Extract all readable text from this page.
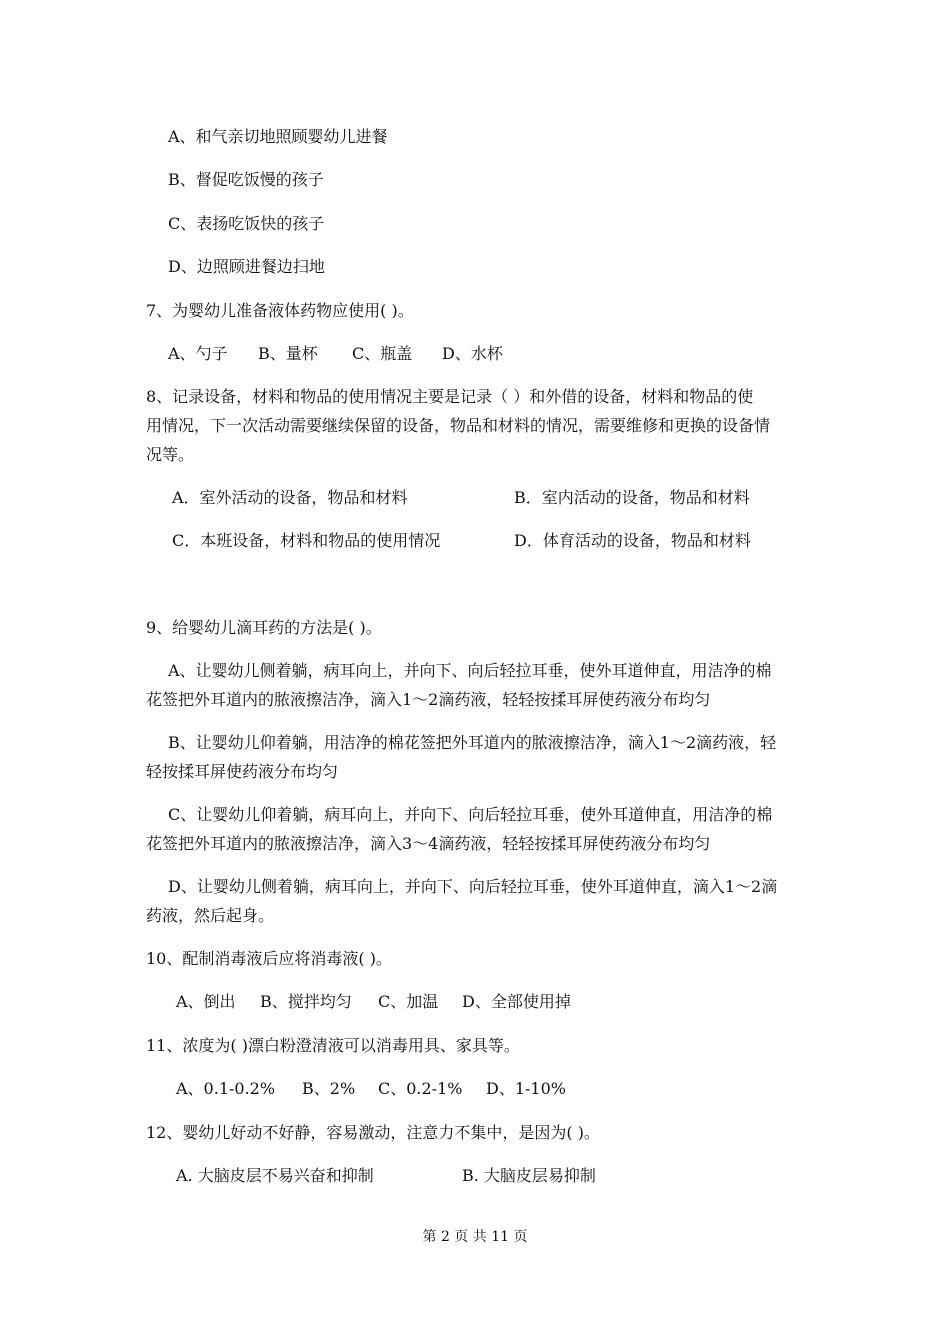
A、和气亲切地照顾婴幼儿进餐
B、督促吃饭慢的孩子
C、表扬吃饭快的孩子
D、边照顾进餐边扫地
7、为婴幼儿准备液体药物应使用( )。
A、勺子 B、量杯 C、瓶盖 D、水杯
8、记录设备，材料和物品的使用情况主要是记录（ ）和外借的设备，材料和物品的使
用情况，下一次活动需要继续保留的设备，物品和材料的情况，需要维修和更换的设备情
况等。
A．室外活动的设备，物品和材料	B．室内活动的设备，物品和材料
C．本班设备，材料和物品的使用情况	D．体育活动的设备，物品和材料
9、给婴幼儿滴耳药的方法是( )。
A、让婴幼儿侧着躺，病耳向上，并向下、向后轻拉耳垂，使外耳道伸直，用洁净的棉
花签把外耳道内的脓液擦洁净，滴入1～2滴药液，轻轻按揉耳屏使药液分布均匀
B、让婴幼儿仰着躺，用洁净的棉花签把外耳道内的脓液擦洁净，滴入1～2滴药液，轻
轻按揉耳屏使药液分布均匀
C、让婴幼儿仰着躺，病耳向上，并向下、向后轻拉耳垂，使外耳道伸直，用洁净的棉
花签把外耳道内的脓液擦洁净，滴入3～4滴药液，轻轻按揉耳屏使药液分布均匀
D、让婴幼儿侧着躺，病耳向上，并向下、向后轻拉耳垂，使外耳道伸直，滴入1～2滴
药液，然后起身。
10、配制消毒液后应将消毒液( )。
A、倒出 B、搅拌均匀 C、加温 D、全部使用掉
11、浓度为( )漂白粉澄清液可以消毒用具、家具等。
A、0.1-0.2% B、2% C、0.2-1% D、1-10%
12、婴幼儿好动不好静，容易激动，注意力不集中，是因为( )。
A. 大脑皮层不易兴奋和抑制	B. 大脑皮层易抑制
第 2 页 共 11 页
